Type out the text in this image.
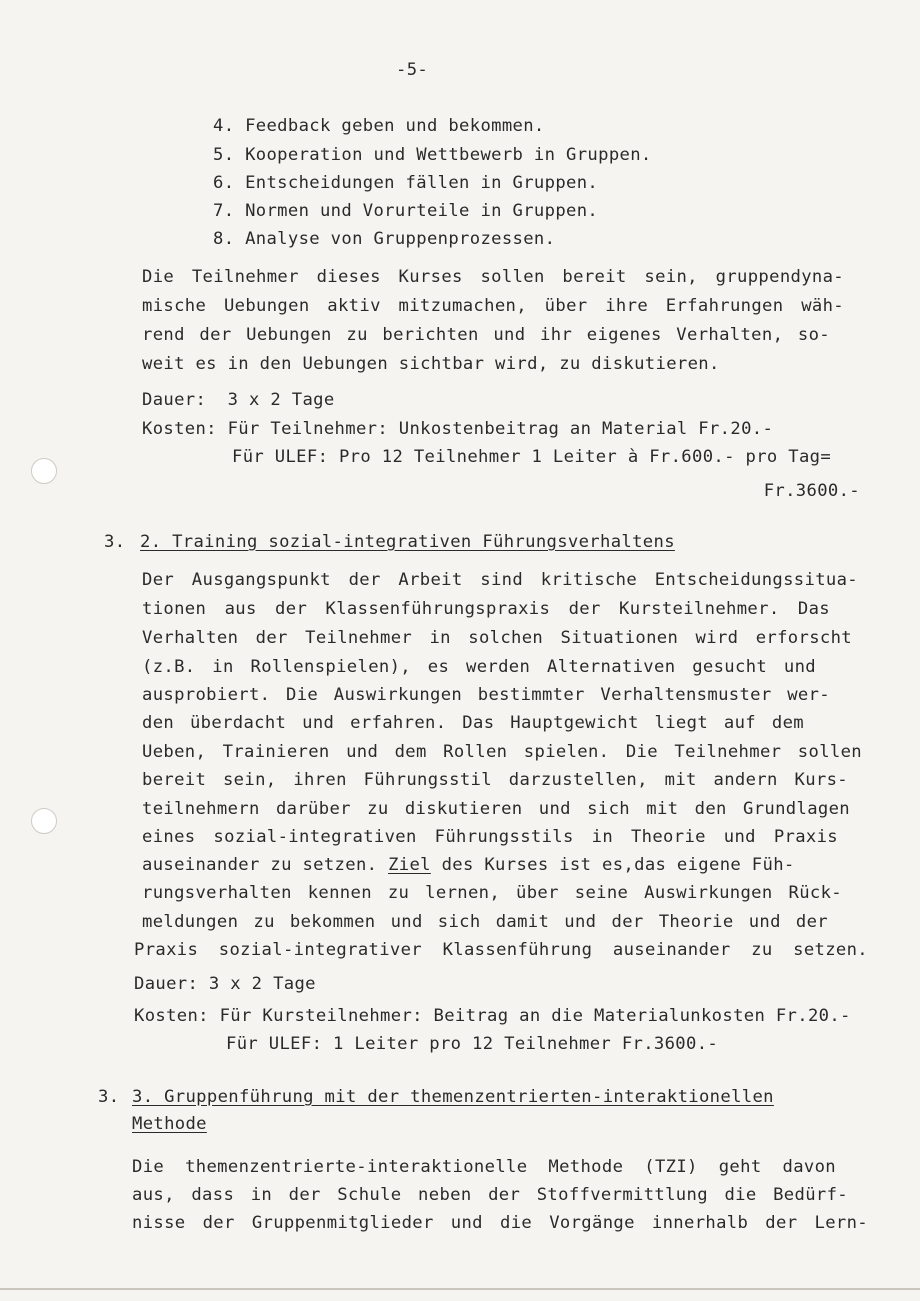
-5-
4. Feedback geben und bekommen.
5. Kooperation und Wettbewerb in Gruppen.
6. Entscheidungen fällen in Gruppen.
7. Normen und Vorurteile in Gruppen.
8. Analyse von Gruppenprozessen.
Die Teilnehmer dieses Kurses sollen bereit sein, gruppendyna-
mische Uebungen aktiv mitzumachen, über ihre Erfahrungen wäh-
rend der Uebungen zu berichten und ihr eigenes Verhalten, so-
weit es in den Uebungen sichtbar wird, zu diskutieren.
Dauer:  3 x 2 Tage
Kosten: Für Teilnehmer: Unkostenbeitrag an Material Fr.20.-
Für ULEF: Pro 12 Teilnehmer 1 Leiter à Fr.600.- pro Tag=
Fr.3600.-
3. 2. Training sozial-integrativen Führungsverhaltens
Der Ausgangspunkt der Arbeit sind kritische Entscheidungssitua-
tionen aus der Klassenführungspraxis der Kursteilnehmer. Das
Verhalten der Teilnehmer in solchen Situationen wird erforscht
(z.B. in Rollenspielen), es werden Alternativen gesucht und
ausprobiert. Die Auswirkungen bestimmter Verhaltensmuster wer-
den überdacht und erfahren. Das Hauptgewicht liegt auf dem
Ueben, Trainieren und dem Rollen spielen. Die Teilnehmer sollen
bereit sein, ihren Führungsstil darzustellen, mit andern Kurs-
teilnehmern darüber zu diskutieren und sich mit den Grundlagen
eines sozial-integrativen Führungsstils in Theorie und Praxis
auseinander zu setzen. Ziel des Kurses ist es,das eigene Füh-
rungsverhalten kennen zu lernen, über seine Auswirkungen Rück-
meldungen zu bekommen und sich damit und der Theorie und der
Praxis sozial-integrativer Klassenführung auseinander zu setzen.
Dauer: 3 x 2 Tage
Kosten: Für Kursteilnehmer: Beitrag an die Materialunkosten Fr.20.-
Für ULEF: 1 Leiter pro 12 Teilnehmer Fr.3600.-
3. 3. Gruppenführung mit der themenzentrierten-interaktionellen
Methode
Die themenzentrierte-interaktionelle Methode (TZI) geht davon
aus, dass in der Schule neben der Stoffvermittlung die Bedürf-
nisse der Gruppenmitglieder und die Vorgänge innerhalb der Lern-
